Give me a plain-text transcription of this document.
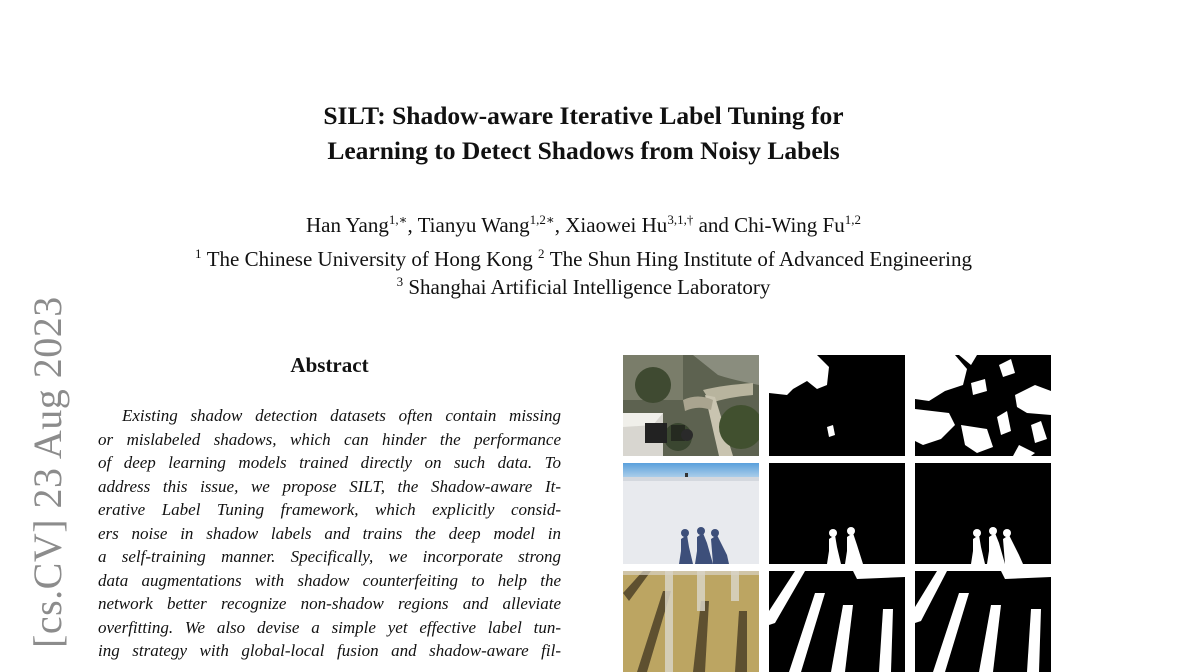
[cs.CV] 23 Aug 2023
SILT: Shadow-aware Iterative Label Tuning for
Learning to Detect Shadows from Noisy Labels
Han Yang$^{1,∗}$, Tianyu Wang$^{1,2∗}$, Xiaowei $Hu^{3,1,\dagger}$ and Chi-Wing Fu$^{1,2}$
$^1$ The Chinese University of Hong Kong $^2$ The Shun Hing Institute of Advanced Engineering
$^3$ Shanghai Artificial Intelligence Laboratory
Abstract
Existing shadow detection datasets often contain missing
or mislabeled shadows, which can hinder the performance
of deep learning models trained directly on such data. To
address this issue, we propose SILT, the Shadow-aware It-
erative Label Tuning framework, which explicitly consid-
ers noise in shadow labels and trains the deep model in
a self-training manner. Specifically, we incorporate strong
data augmentations with shadow counterfeiting to help the
network better recognize non-shadow regions and alleviate
overfitting. We also devise a simple yet effective label tun-
ing strategy with global-local fusion and shadow-aware fil-
